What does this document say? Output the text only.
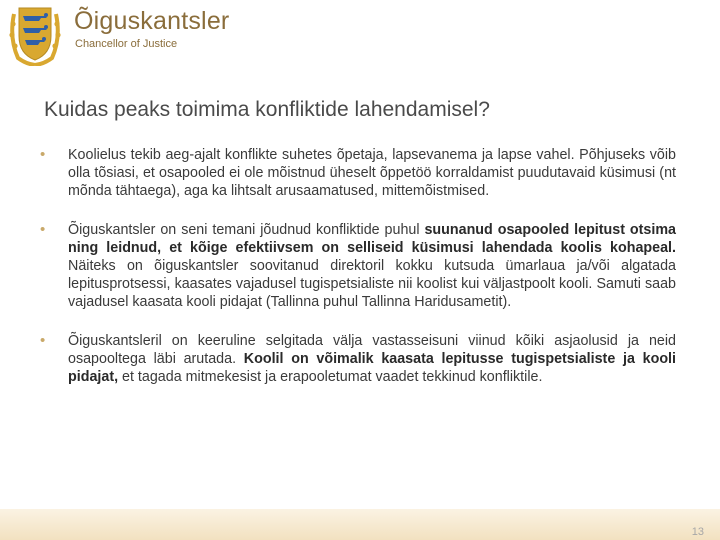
Õiguskantsler
Chancellor of Justice
Kuidas peaks toimima konfliktide lahendamisel?
• Koolielus tekib aeg-ajalt konflikte suhetes õpetaja, lapsevanema ja lapse vahel. Põhjuseks võib olla tõsiasi, et osapooled ei ole mõistnud üheselt õppetöö korraldamist puudutavaid küsimusi (nt mõnda tähtaega), aga ka lihtsalt arusaamatused, mittemõistmised.
• Õiguskantsler on seni temani jõudnud konfliktide puhul suunanud osapooled lepitust otsima ning leidnud, et kõige efektiivsem on selliseid küsimusi lahendada koolis kohapeal. Näiteks on õiguskantsler soovitanud direktoril kokku kutsuda ümarlaua ja/või algatada lepitusprotsessi, kaasates vajadusel tugispetsialiste nii koolist kui väljastpoolt kooli. Samuti saab vajadusel kaasata kooli pidajat (Tallinna puhul Tallinna Haridusametit).
• Õiguskantsleril on keeruline selgitada välja vastasseisuni viinud kõiki asjaolusid ja neid osapooltega läbi arutada. Koolil on võimalik kaasata lepitusse tugispetsialiste ja kooli pidajat, et tagada mitmekesist ja erapooletumat vaadet tekkinud konfliktile.
13
